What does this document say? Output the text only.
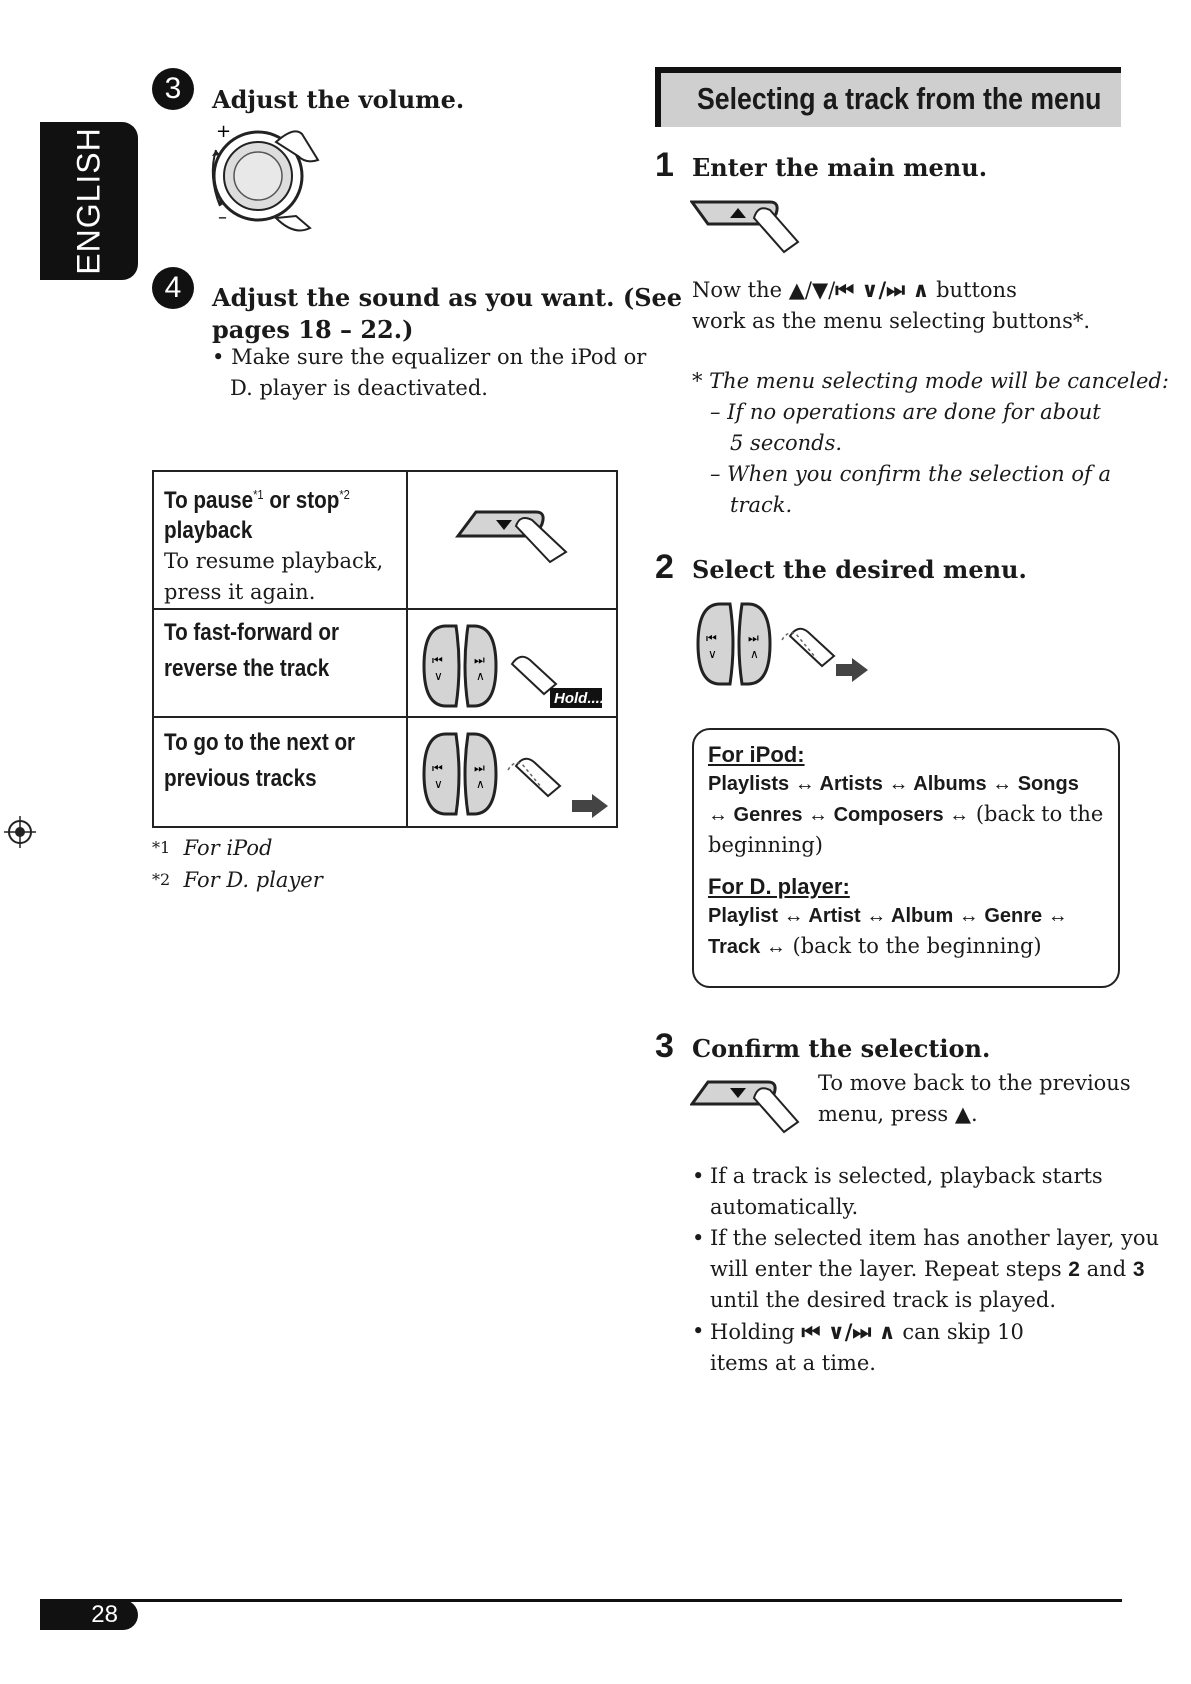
ENGLISH
3 Adjust the volume.
+
–
4 Adjust the sound as you want. (See
pages 18 – 22.)
• Make sure the equalizer on the iPod or
D. player is deactivated.
To pause$^{*1}$ or stop$^{*2}$
playback
To resume playback,
press it again.
To fast-forward or
reverse the track	⏮
∨
⏭
∧
Hold....
To go to the next or
previous tracks	⏮
∨
⏭
∧
$^{*1}$ For iPod
$^{*2}$ For D. player
Selecting a track from the menu
1 Enter the main menu.
Now the ▲/▼/⏮ ∨/⏭ ∧ buttons
work as the menu selecting buttons*.
* The menu selecting mode will be canceled:
– If no operations are done for about
5 seconds.
– When you confirm the selection of a
track.
2 Select the desired menu.
⏮
∨
⏭
∧
For iPod:
Playlists ↔ Artists ↔ Albums ↔ Songs
↔ Genres ↔ Composers ↔ (back to the
beginning)
For D. player:
Playlist ↔ Artist ↔ Album ↔ Genre ↔
Track ↔ (back to the beginning)
3 Confirm the selection.
To move back to the previous
menu, press ▲.
• If a track is selected, playback starts
automatically.
• If the selected item has another layer, you
will enter the layer. Repeat steps 2 and 3
until the desired track is played.
• Holding ⏮ ∨/⏭ ∧ can skip 10
items at a time.
28
